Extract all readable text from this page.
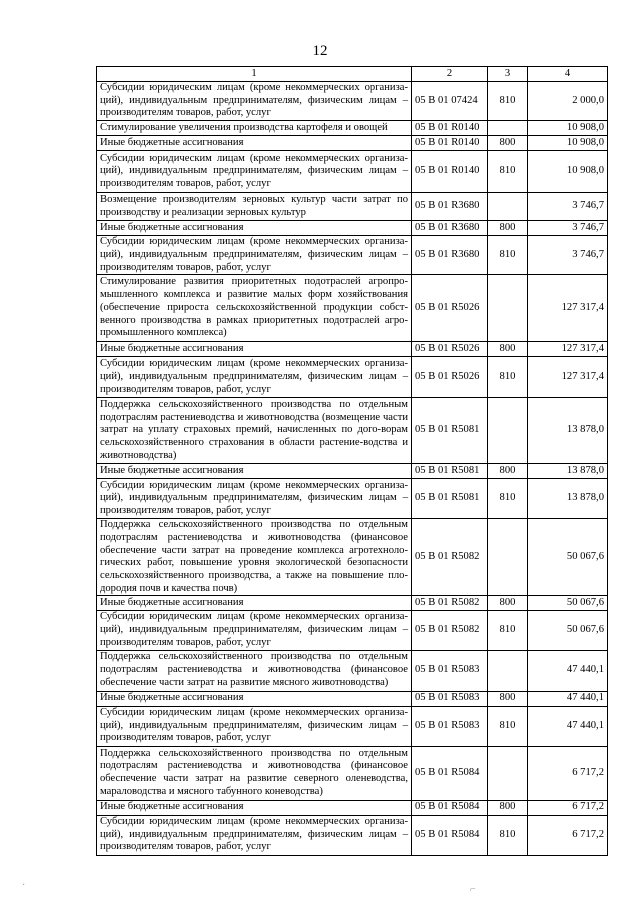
12
1	2	3	4
Субсидии юридическим лицам (кроме некоммерческих организа-ций), индивидуальным предпринимателям, физическим лицам – производителям товаров, работ, услуг	05 В 01 07424	810	2 000,0
Стимулирование увеличения производства картофеля и овощей	05 В 01 R0140		10 908,0
Иные бюджетные ассигнования	05 В 01 R0140	800	10 908,0
Субсидии юридическим лицам (кроме некоммерческих организа-ций), индивидуальным предпринимателям, физическим лицам – производителям товаров, работ, услуг	05 В 01 R0140	810	10 908,0
Возмещение производителям зерновых культур части затрат по производству и реализации зерновых культур	05 В 01 R3680		3 746,7
Иные бюджетные ассигнования	05 В 01 R3680	800	3 746,7
Субсидии юридическим лицам (кроме некоммерческих организа-ций), индивидуальным предпринимателям, физическим лицам – производителям товаров, работ, услуг	05 В 01 R3680	810	3 746,7
Стимулирование развития приоритетных подотраслей агропро-мышленного комплекса и развитие малых форм хозяйствования (обеспечение прироста сельскохозяйственной продукции собст-венного производства в рамках приоритетных подотраслей агро-промышленного комплекса)	05 В 01 R5026		127 317,4
Иные бюджетные ассигнования	05 В 01 R5026	800	127 317,4
Субсидии юридическим лицам (кроме некоммерческих организа-ций), индивидуальным предпринимателям, физическим лицам – производителям товаров, работ, услуг	05 В 01 R5026	810	127 317,4
Поддержка сельскохозяйственного производства по отдельным подотраслям растениеводства и животноводства (возмещение части затрат на уплату страховых премий, начисленных по дого-ворам сельскохозяйственного страхования в области растение-водства и животноводства)	05 В 01 R5081		13 878,0
Иные бюджетные ассигнования	05 В 01 R5081	800	13 878,0
Субсидии юридическим лицам (кроме некоммерческих организа-ций), индивидуальным предпринимателям, физическим лицам – производителям товаров, работ, услуг	05 В 01 R5081	810	13 878,0
Поддержка сельскохозяйственного производства по отдельным подотраслям растениеводства и животноводства (финансовое обеспечение части затрат на проведение комплекса агротехноло-гических работ, повышение уровня экологической безопасности сельскохозяйственного производства, а также на повышение пло-дородия почв и качества почв)	05 В 01 R5082		50 067,6
Иные бюджетные ассигнования	05 В 01 R5082	800	50 067,6
Субсидии юридическим лицам (кроме некоммерческих организа-ций), индивидуальным предпринимателям, физическим лицам – производителям товаров, работ, услуг	05 В 01 R5082	810	50 067,6
Поддержка сельскохозяйственного производства по отдельным подотраслям растениеводства и животноводства (финансовое обеспечение части затрат на развитие мясного животноводства)	05 В 01 R5083		47 440,1
Иные бюджетные ассигнования	05 В 01 R5083	800	47 440,1
Субсидии юридическим лицам (кроме некоммерческих организа-ций), индивидуальным предпринимателям, физическим лицам – производителям товаров, работ, услуг	05 В 01 R5083	810	47 440,1
Поддержка сельскохозяйственного производства по отдельным подотраслям растениеводства и животноводства (финансовое обеспечение части затрат на развитие северного оленеводства, мараловодства и мясного табунного коневодства)	05 В 01 R5084		6 717,2
Иные бюджетные ассигнования	05 В 01 R5084	800	6 717,2
Субсидии юридическим лицам (кроме некоммерческих организа-ций), индивидуальным предпринимателям, физическим лицам – производителям товаров, работ, услуг	05 В 01 R5084	810	6 717,2
·	⌐
